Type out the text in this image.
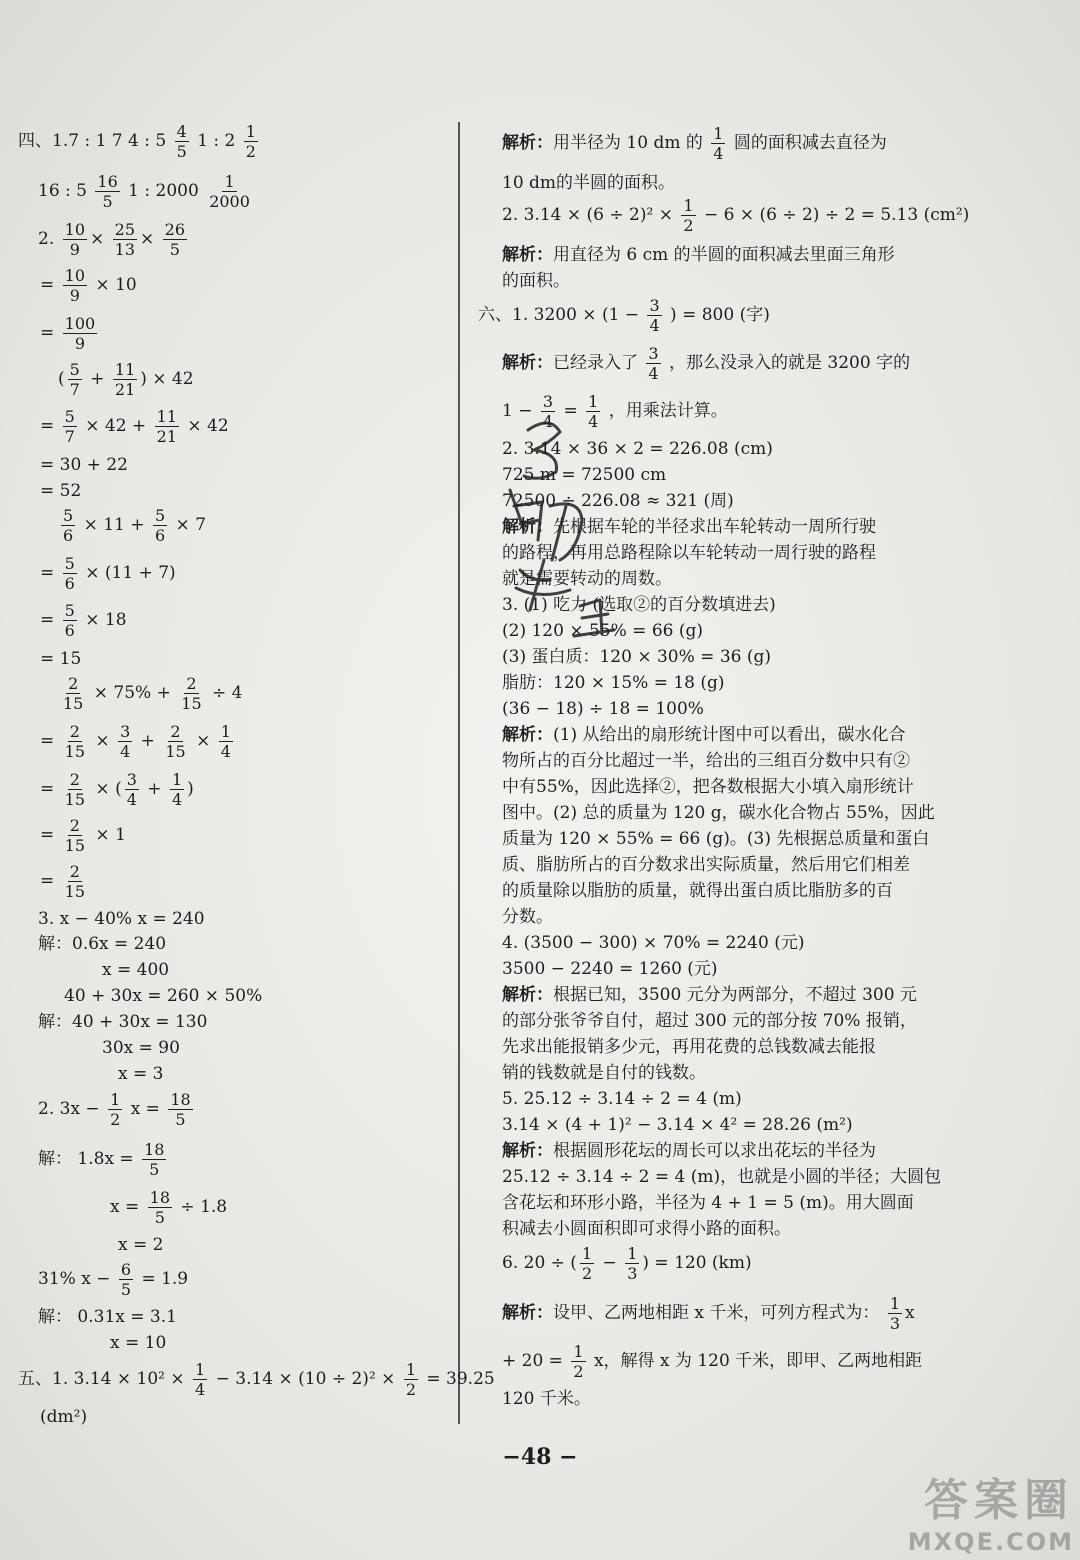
四、1.7 : 1 7 4 : $5 \frac{4}{5} 1$ : $2 \frac{1}{2}$
16 : $5 \frac{16}{5} 1$ : $2000 \frac{1}{2000}$
2. $\frac{10}{9} \times \frac{25}{13} \times \frac{26}{5}$
= $\frac{10}{9} \times 10$
= $\frac{100}{9}$
( $\frac{5}{7} + \frac{11}{21}$ ) × 42
= $\frac{5}{7} \times 42 + \frac{11}{21} \times 42$
= 30 + 22
= 52
$\frac{5}{6} \times 11 + \frac{5}{6} \times 7$
= $\frac{5}{6} \times (11 + 7)$
= $\frac{5}{6} \times 18$
= 15
$\frac{2}{15} \times 75\% + \frac{2}{15} \div 4$
= $\frac{2}{15} \times \frac{3}{4} + \frac{2}{15} \times \frac{1}{4}$
= $\frac{2}{15}$ × ( $\frac{3}{4} + \frac{1}{4}$ )
= $\frac{2}{15} \times 1$
= $\frac{2}{15}$
3. x − 40% x = 240
解：0.6x = 240
x = 400
40 + 30x = 260 × 50%
解：40 + 30x = 130
30x = 90
x = 3
2. $3x - \frac{1}{2}$ $x = \frac{18}{5}$
解： $1.8x = \frac{18}{5}$
$x = \frac{18}{5} \div 1.8$
x = 2
31% $x - \frac{6}{5} = 1.9$
解： 0.31x = 3.1
x = 10
五、1. $3.14 \times 10^2 \times \frac{1}{4} - 3.14 \times (10 \div 2)^2 \times \frac{1}{2} = 39.25$
(dm²)
解析：用半径为 10 dm 的 $\frac{1}{4}$ 圆的面积减去直径为
10 dm的半圆的面积。
2. $3.14 \times (6 \div 2)^2 \times \frac{1}{2} - 6 \times (6 \div 2) \div 2 = 5.13$ (cm²)
解析：用直径为 6 cm 的半圆的面积减去里面三角形
的面积。
六、1. $3200 \times (1 - \frac{3}{4}$ ) = 800 (字)
解析：已经录入了 $\frac{3}{4}$ ，那么没录入的就是 3200 字的
$1 - \frac{3}{4} = \frac{1}{4}$ ，用乘法计算。
2. 3.14 × 36 × 2 = 226.08 (cm)
725 m = 72500 cm
72500 ÷ 226.08 ≈ 321 (周)
解析：先根据车轮的半径求出车轮转动一周所行驶
的路程，再用总路程除以车轮转动一周行驶的路程
就是需要转动的周数。
3. (1) 吃力 (选取②的百分数填进去)
(2) 120 × 55% = 66 (g)
(3) 蛋白质：120 × 30% = 36 (g)
脂肪：120 × 15% = 18 (g)
(36 − 18) ÷ 18 = 100%
解析：(1) 从给出的扇形统计图中可以看出，碳水化合
物所占的百分比超过一半，给出的三组百分数中只有②
中有55%，因此选择②，把各数根据大小填入扇形统计
图中。(2) 总的质量为 120 g，碳水化合物占 55%，因此
质量为 120 × 55% = 66 (g)。(3) 先根据总质量和蛋白
质、脂肪所占的百分数求出实际质量，然后用它们相差
的质量除以脂肪的质量，就得出蛋白质比脂肪多的百
分数。
4. (3500 − 300) × 70% = 2240 (元)
3500 − 2240 = 1260 (元)
解析：根据已知，3500 元分为两部分，不超过 300 元
的部分张爷爷自付，超过 300 元的部分按 70% 报销，
先求出能报销多少元，再用花费的总钱数减去能报
销的钱数就是自付的钱数。
5. 25.12 ÷ 3.14 ÷ 2 = 4 (m)
3.14 × (4 + 1)² − 3.14 × 4² = 28.26 (m²)
解析：根据圆形花坛的周长可以求出花坛的半径为
25.12 ÷ 3.14 ÷ 2 = 4 (m)，也就是小圆的半径；大圆包
含花坛和环形小路，半径为 4 + 1 = 5 (m)。用大圆面
积减去小圆面积即可求得小路的面积。
6. 20 ÷ ( $\frac{1}{2} - \frac{1}{3}$ ) = 120 (km)
解析：设甲、乙两地相距 x 千米，可列方程式为： $\frac{1}{3}$ x
+ $20 = \frac{1}{2}$ x，解得 x 为 120 千米，即甲、乙两地相距
120 千米。
−48 −
答案圈
MXQE.COM
